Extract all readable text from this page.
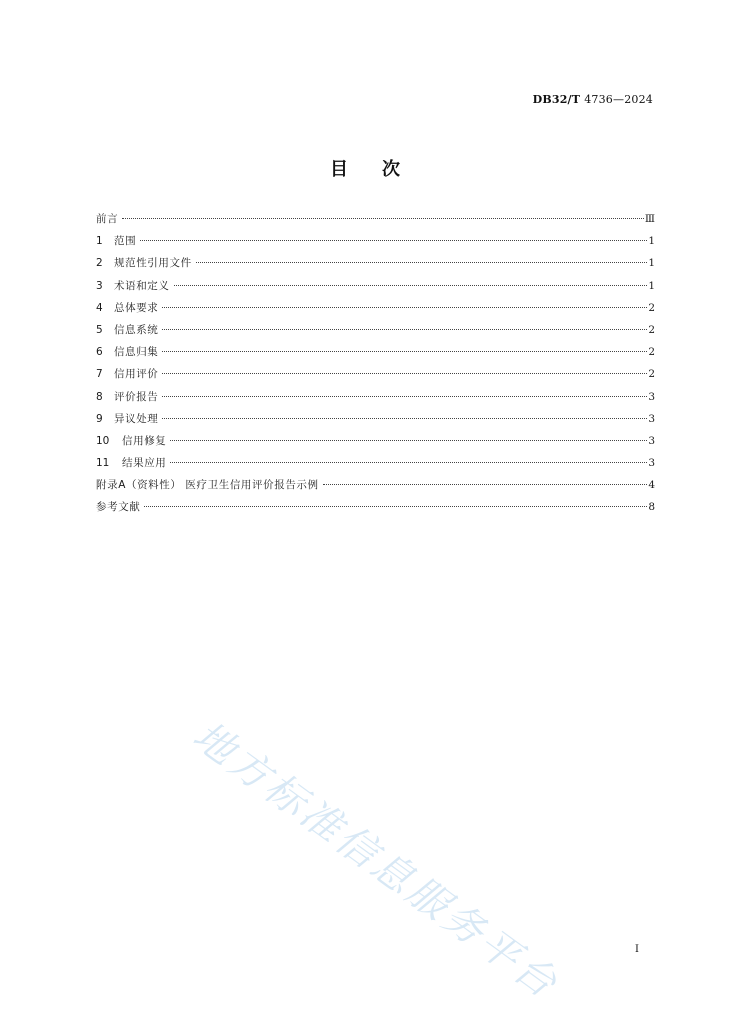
DB32/T 4736—2024
目 次
前言	Ⅲ
1	范围	1
2	规范性引用文件	1
3	术语和定义	1
4	总体要求	2
5	信息系统	2
6	信息归集	2
7	信用评价	2
8	评价报告	3
9	异议处理	3
10	信用修复	3
11	结果应用	3
附录A（资料性） 医疗卫生信用评价报告示例	4
参考文献	8
地方标准信息服务平台	I
